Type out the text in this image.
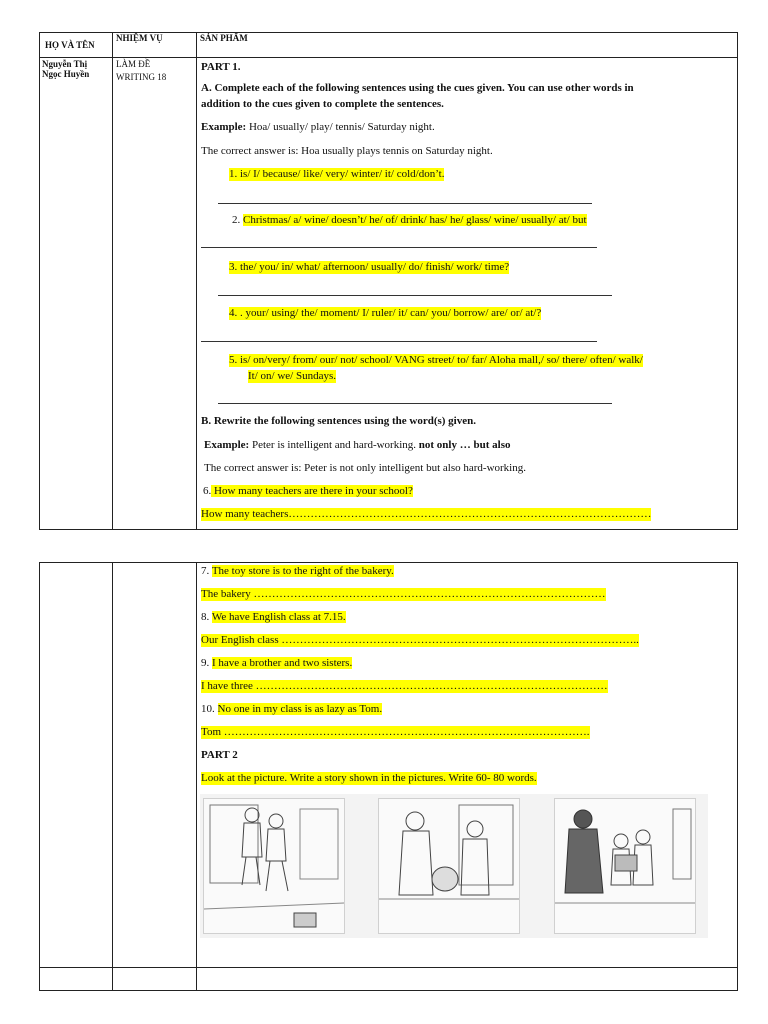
HỌ VÀ TÊN
NHIỆM VỤ	SẢN PHẨM
Nguyễn Thị
Ngọc Huyền
LÀM ĐỀ
WRITING 18
PART 1.
A. Complete each of the following sentences using the cues given. You can use other words in
addition to the cues given to complete the sentences.
Example: Hoa/ usually/ play/ tennis/ Saturday night.
The correct answer is: Hoa usually plays tennis on Saturday night.
1. is/ I/ because/ like/ very/ winter/ it/ cold/don’t.
2. Christmas/ a/ wine/ doesn’t/ he/ of/ drink/ has/ he/ glass/ wine/ usually/ at/ but
3. the/ you/ in/ what/ afternoon/ usually/ do/ finish/ work/ time?
4. . your/ using/ the/ moment/ I/ ruler/ it/ can/ you/ borrow/ are/ or/ at/?
5. is/ on/very/ from/ our/ not/ school/ VANG street/ to/ far/ Aloha mall,/ so/ there/ often/ walk/
It/ on/ we/ Sundays.
B. Rewrite the following sentences using the word(s) given.
Example: Peter is intelligent and hard-working. not only … but also
The correct answer is: Peter is not only intelligent but also hard-working.
6. How many teachers are there in your school?
How many teachers………………………………………………………………………………………
7. The toy store is to the right of the bakery.
The bakery ……………………………………………………………………………………
8. We have English class at 7.15.
Our English class ……………………………………………………………………………………..
9. I have a brother and two sisters.
I have three ……………………………………………………………………………………
10. No one in my class is as lazy as Tom.
Tom ……………………………………………………………………………………….
PART 2
Look at the picture. Write a story shown in the pictures. Write 60- 80 words.
